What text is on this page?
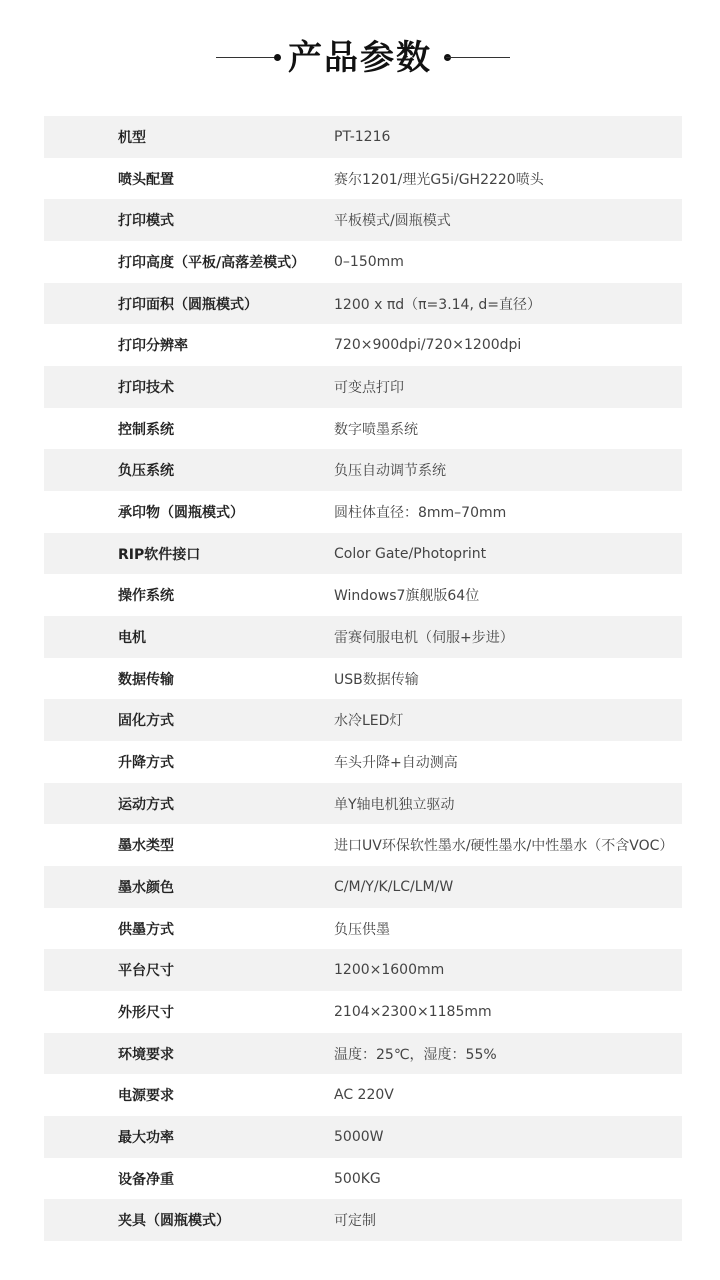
产品参数
机型	PT-1216
喷头配置	赛尔1201/理光G5i/GH2220喷头
打印模式	平板模式/圆瓶模式
打印高度（平板/高落差模式）	0–150mm
打印面积（圆瓶模式）	1200 x πd（π=3.14, d=直径）
打印分辨率	720×900dpi/720×1200dpi
打印技术	可变点打印
控制系统	数字喷墨系统
负压系统	负压自动调节系统
承印物（圆瓶模式）	圆柱体直径：8mm–70mm
RIP软件接口	Color Gate/Photoprint
操作系统	Windows7旗舰版64位
电机	雷赛伺服电机（伺服+步进）
数据传输	USB数据传输
固化方式	水冷LED灯
升降方式	车头升降+自动测高
运动方式	单Y轴电机独立驱动
墨水类型	进口UV环保软性墨水/硬性墨水/中性墨水（不含VOC）
墨水颜色	C/M/Y/K/LC/LM/W
供墨方式	负压供墨
平台尺寸	1200×1600mm
外形尺寸	2104×2300×1185mm
环境要求	温度：25℃，湿度：55%
电源要求	AC 220V
最大功率	5000W
设备净重	500KG
夹具（圆瓶模式）	可定制
